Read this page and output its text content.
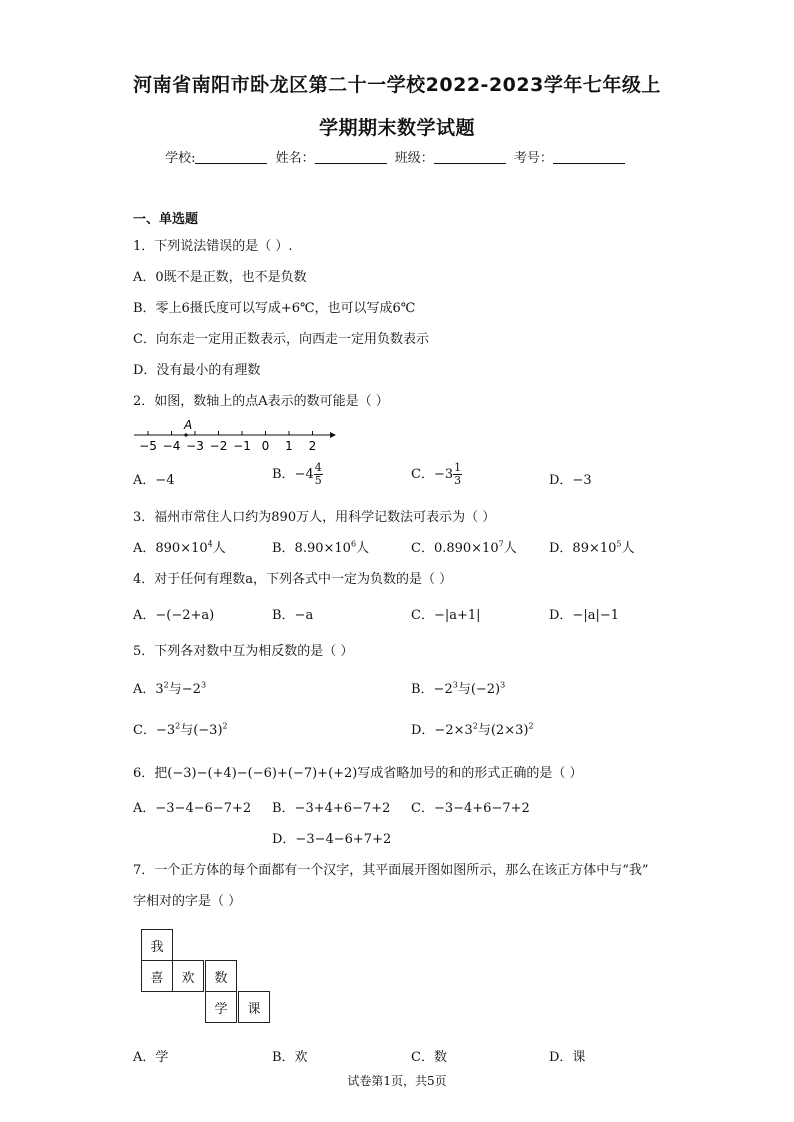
河南省南阳市卧龙区第二十一学校2022-2023学年七年级上
学期期末数学试题
学校:	姓名：	班级：	考号：
一、单选题
1．下列说法错误的是（ ）.
A．0既不是正数，也不是负数
B．零上6摄氏度可以写成+6℃，也可以写成6℃
C．向东走一定用正数表示，向西走一定用负数表示
D．没有最小的有理数
2．如图，数轴上的点A表示的数可能是（ ）
−5 −4 −3 −2 −1 0 1 2
A
A．−4	B．$-4 \frac{4}{5}$	C．$-3 \frac{1}{3}$	D．−3
3．福州市常住人口约为890万人，用科学记数法可表示为（ ）
A．$890\times 10^4$人	B．$8.90\times 10^6$人	C．$0.890\times 10^7$人 D．$89\times 10^5$人
4．对于任何有理数a，下列各式中一定为负数的是（ ）
A．−(−2+a)	B．−a	C．−|a+1|	D．−|a|−1
5．下列各对数中互为相反数的是（ ）
A．$3^2$与$-2^3$	B．$-2^3$与$(-2)^3$
C．$-3^2$与$(-3)^2$	D．$-2\times 3^2$与$(2\times 3)^2$
6．把(−3)−(+4)−(−6)+(−7)+(+2)写成省略加号的和的形式正确的是（ ）
A．−3−4−6−7+2 B．−3+4+6−7+2 C．−3−4+6−7+2
D．−3−4−6+7+2
7．一个正方体的每个面都有一个汉字，其平面展开图如图所示，那么在该正方体中与“我”
字相对的字是（ ）
我
喜	欢	数
学	课
A．学	B．欢	C．数	D．课
试卷第1页，共5页
